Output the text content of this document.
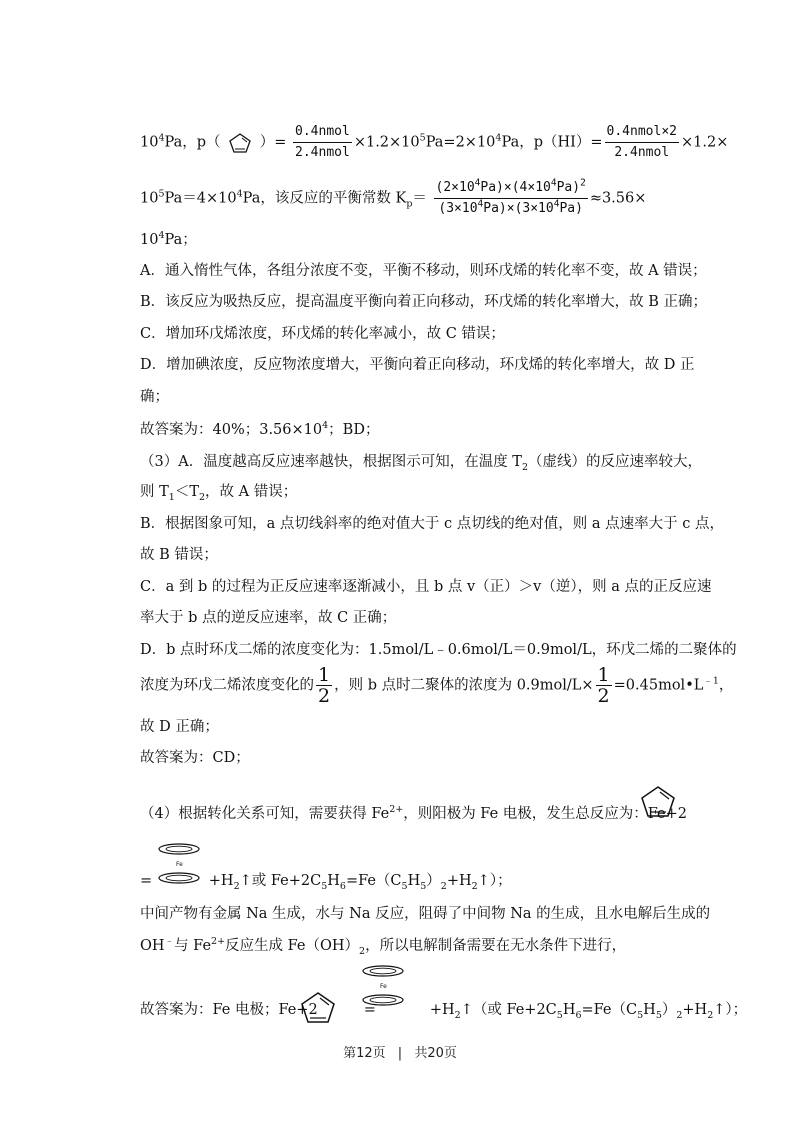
$10^4Pa$，p（	）= $\frac{\text{0.4nmol}}{\text{2.4nmol}} \times 1.2\times 10^5Pa=2\times 10^4Pa$，$p(HI)= \frac{\text{0.4nmol×2}}{\text{2.4nmol}} \times 1.2\times$
$10^5Pa=4\times 10^4Pa$，该反应的平衡常数 $K_p= \frac{(2\times 10^4Pa)\times(4\times 10^4Pa)^2}{(3\times 10^4Pa)\times(3\times 10^4Pa)} \approx 3.56\times$
$10^4Pa$；
A．通入惰性气体，各组分浓度不变，平衡不移动，则环戊烯的转化率不变，故 A 错误；
B．该反应为吸热反应，提高温度平衡向着正向移动，环戊烯的转化率增大，故 B 正确；
C．增加环戊烯浓度，环戊烯的转化率减小，故 C 错误；
D．增加碘浓度，反应物浓度增大，平衡向着正向移动，环戊烯的转化率增大，故 D 正
确；
故答案为：40%；$3.56\times 10^4$；BD；
（3）A．温度越高反应速率越快，根据图示可知，在温度 $T_2$（虚线）的反应速率较大，
则 $T_1<T_2$，故 A 错误；
B．根据图象可知，a 点切线斜率的绝对值大于 c 点切线的绝对值，则 a 点速率大于 c 点，
故 B 错误；
C．a 到 b 的过程为正反应速率逐渐减小，且 b 点 v（正）＞v（逆），则 a 点的正反应速
率大于 b 点的逆反应速率，故 C 正确；
D．b 点时环戊二烯的浓度变化为：1.5mol/L﹣0.6mol/L＝0.9mol/L，环戊二烯的二聚体的
浓度为环戊二烯浓度变化的 $\frac{1}{2}$ ，则 b 点时二聚体的浓度为 $0.9mol/L\times \frac{1}{2}$ $=0.45mol•L^{﹣1}$，
故 D 正确；
故答案为：CD；
（4）根据转化关系可知，需要获得 $Fe^{2+}$，则阳极为 Fe 电极，发生总反应为：Fe+2
=	$+H_2↑$或 $Fe+2C_5H_6=Fe(C_5H_5)_2+H_2↑$）；
Fe
中间产物有金属 Na 生成，水与 Na 反应，阻碍了中间物 Na 的生成，且水电解后生成的
OH﹣与 $Fe^{2+}$反应生成 $Fe(OH)_2$，所以电解制备需要在无水条件下进行，
故答案为：Fe 电极；Fe+2	=	$+H_2↑$（或 $Fe+2C_5H_6=Fe(C_5H_5)_2+H_2↑$）；
Fe
第12页 | 共20页
